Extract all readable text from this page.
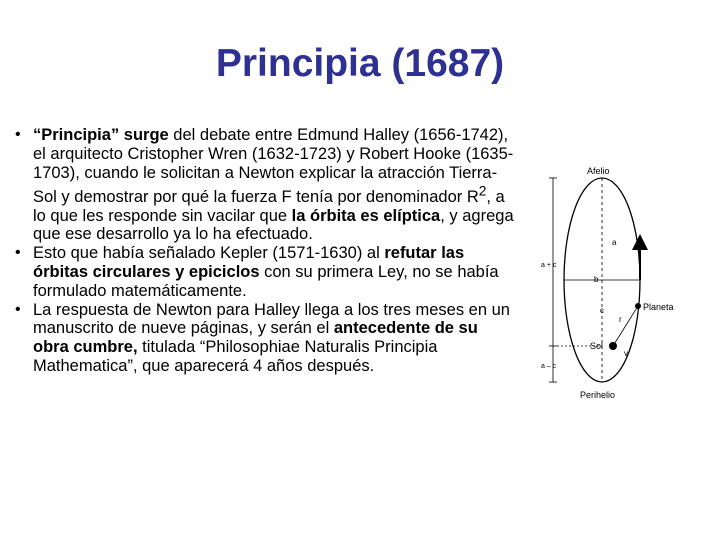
Principia (1687)
• “Principia” surge del debate entre Edmund Halley (1656-1742), el arquitecto Cristopher Wren (1632-1723) y Robert Hooke (1635-1703), cuando le solicitan a Newton explicar la atracción Tierra-Sol y demostrar por qué la fuerza F tenía por denominador $R^2$, a lo que les responde sin vacilar que la órbita es elíptica, y agrega que ese desarrollo ya lo ha efectuado.
• Esto que había señalado Kepler (1571-1630) al refutar las órbitas circulares y epiciclos con su primera Ley, no se había formulado matemáticamente.
• La respuesta de Newton para Halley llega a los tres meses en un manuscrito de nueve páginas, y serán el antecedente de su obra cumbre, titulada “Philosophiae Naturalis Principia Mathematica”, que aparecerá 4 años después.
Afelio
Perihelio
Planeta
Sol
a + c
a – c
a
b
c
r
v
